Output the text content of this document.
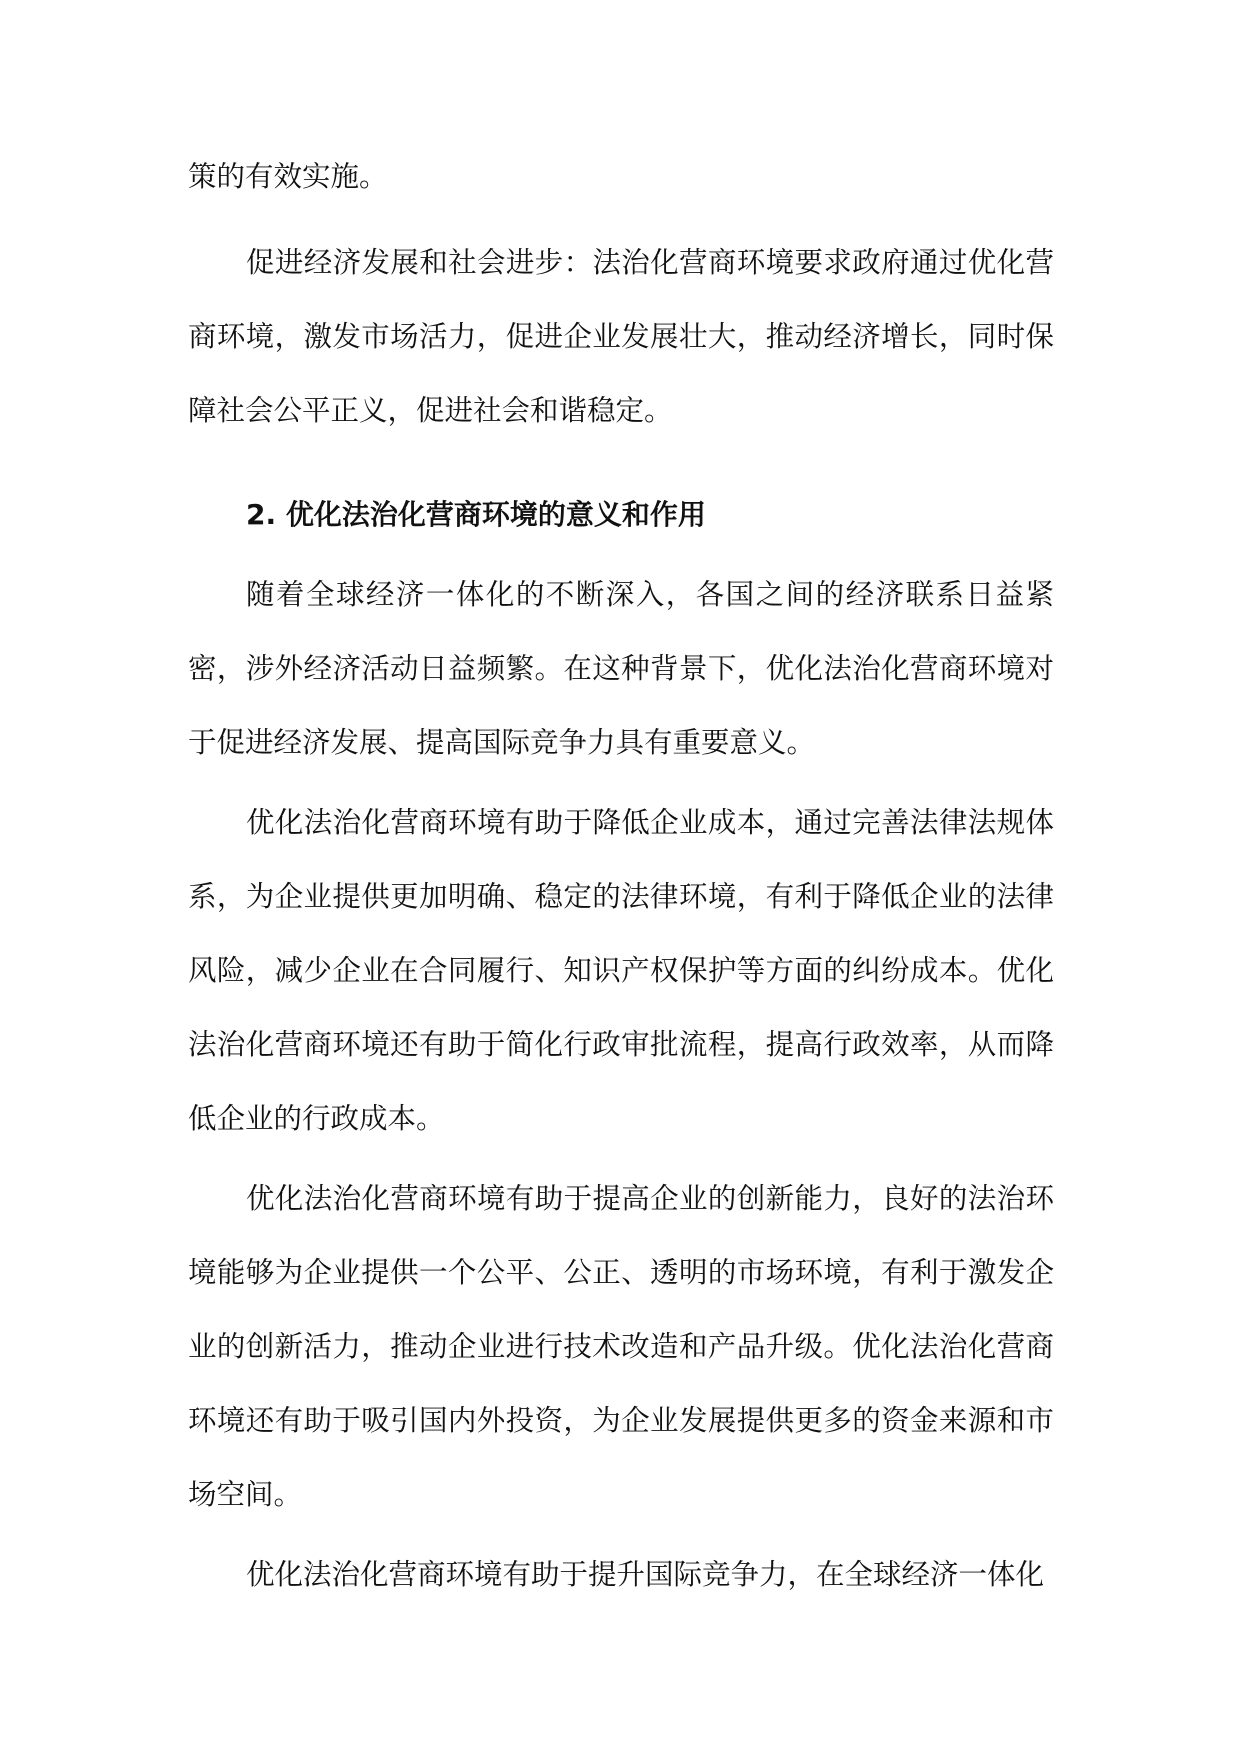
策的有效实施。

促进经济发展和社会进步：法治化营商环境要求政府通过优化营商环境，激发市场活力，促进企业发展壮大，推动经济增长，同时保障社会公平正义，促进社会和谐稳定。

2. 优化法治化营商环境的意义和作用

随着全球经济一体化的不断深入，各国之间的经济联系日益紧密，涉外经济活动日益频繁。在这种背景下，优化法治化营商环境对于促进经济发展、提高国际竞争力具有重要意义。

优化法治化营商环境有助于降低企业成本，通过完善法律法规体系，为企业提供更加明确、稳定的法律环境，有利于降低企业的法律风险，减少企业在合同履行、知识产权保护等方面的纠纷成本。优化法治化营商环境还有助于简化行政审批流程，提高行政效率，从而降低企业的行政成本。

优化法治化营商环境有助于提高企业的创新能力，良好的法治环境能够为企业提供一个公平、公正、透明的市场环境，有利于激发企业的创新活力，推动企业进行技术改造和产品升级。优化法治化营商环境还有助于吸引国内外投资，为企业发展提供更多的资金来源和市场空间。

优化法治化营商环境有助于提升国际竞争力，在全球经济一体化
